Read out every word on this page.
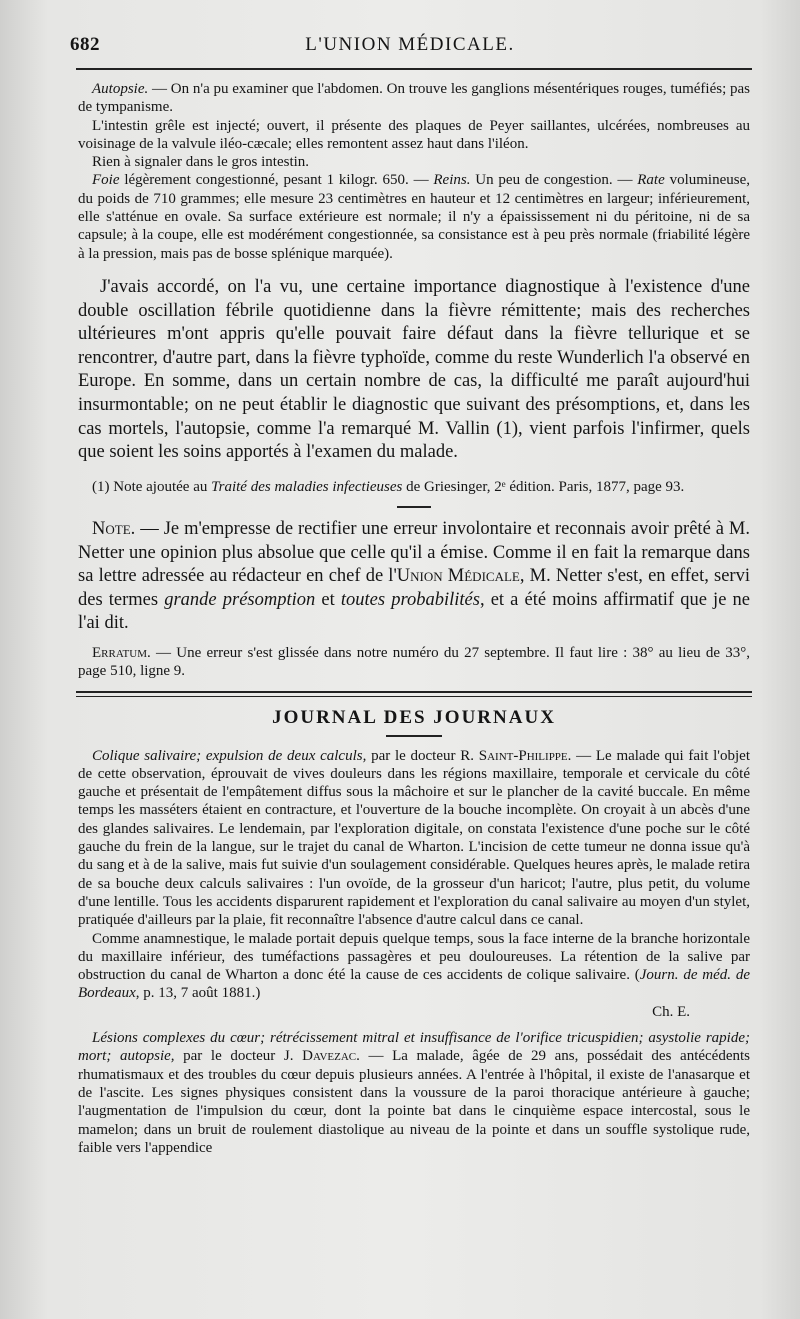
682	L'UNION MÉDICALE.

Autopsie. — On n'a pu examiner que l'abdomen. On trouve les ganglions mésentériques rouges, tuméfiés; pas de tympanisme.

L'intestin grêle est injecté; ouvert, il présente des plaques de Peyer saillantes, ulcérées, nombreuses au voisinage de la valvule iléo-cæcale; elles remontent assez haut dans l'iléon.

Rien à signaler dans le gros intestin.

Foie légèrement congestionné, pesant 1 kilogr. 650. — Reins. Un peu de congestion. — Rate volumineuse, du poids de 710 grammes; elle mesure 23 centimètres en hauteur et 12 centimètres en largeur; inférieurement, elle s'atténue en ovale. Sa surface extérieure est normale; il n'y a épaississement ni du péritoine, ni de sa capsule; à la coupe, elle est modérément congestionnée, sa consistance est à peu près normale (friabilité légère à la pression, mais pas de bosse splénique marquée).

J'avais accordé, on l'a vu, une certaine importance diagnostique à l'existence d'une double oscillation fébrile quotidienne dans la fièvre rémittente; mais des recherches ultérieures m'ont appris qu'elle pouvait faire défaut dans la fièvre tellurique et se rencontrer, d'autre part, dans la fièvre typhoïde, comme du reste Wunderlich l'a observé en Europe. En somme, dans un certain nombre de cas, la difficulté me paraît aujourd'hui insurmontable; on ne peut établir le diagnostic que suivant des présomptions, et, dans les cas mortels, l'autopsie, comme l'a remarqué M. Vallin (1), vient parfois l'infirmer, quels que soient les soins apportés à l'examen du malade.

(1) Note ajoutée au Traité des maladies infectieuses de Griesinger, 2ᵉ édition. Paris, 1877, page 93.

Note. — Je m'empresse de rectifier une erreur involontaire et reconnais avoir prêté à M. Netter une opinion plus absolue que celle qu'il a émise. Comme il en fait la remarque dans sa lettre adressée au rédacteur en chef de l'Union Médicale, M. Netter s'est, en effet, servi des termes grande présomption et toutes probabilités, et a été moins affirmatif que je ne l'ai dit.

Erratum. — Une erreur s'est glissée dans notre numéro du 27 septembre. Il faut lire : 38° au lieu de 33°, page 510, ligne 9.

JOURNAL DES JOURNAUX

Colique salivaire; expulsion de deux calculs, par le docteur R. Saint-Philippe. — Le malade qui fait l'objet de cette observation, éprouvait de vives douleurs dans les régions maxillaire, temporale et cervicale du côté gauche et présentait de l'empâtement diffus sous la mâchoire et sur le plancher de la cavité buccale. En même temps les masséters étaient en contracture, et l'ouverture de la bouche incomplète. On croyait à un abcès d'une des glandes salivaires. Le lendemain, par l'exploration digitale, on constata l'existence d'une poche sur le côté gauche du frein de la langue, sur le trajet du canal de Wharton. L'incision de cette tumeur ne donna issue qu'à du sang et à de la salive, mais fut suivie d'un soulagement considérable. Quelques heures après, le malade retira de sa bouche deux calculs salivaires : l'un ovoïde, de la grosseur d'un haricot; l'autre, plus petit, du volume d'une lentille. Tous les accidents disparurent rapidement et l'exploration du canal salivaire au moyen d'un stylet, pratiquée d'ailleurs par la plaie, fit reconnaître l'absence d'autre calcul dans ce canal.

Comme anamnestique, le malade portait depuis quelque temps, sous la face interne de la branche horizontale du maxillaire inférieur, des tuméfactions passagères et peu douloureuses. La rétention de la salive par obstruction du canal de Wharton a donc été la cause de ces accidents de colique salivaire. (Journ. de méd. de Bordeaux, p. 13, 7 août 1881.)

Ch. E.

Lésions complexes du cœur; rétrécissement mitral et insuffisance de l'orifice tricuspidien; asystolie rapide; mort; autopsie, par le docteur J. Davezac. — La malade, âgée de 29 ans, possédait des antécédents rhumatismaux et des troubles du cœur depuis plusieurs années. A l'entrée à l'hôpital, il existe de l'anasarque et de l'ascite. Les signes physiques consistent dans la voussure de la paroi thoracique antérieure à gauche; l'augmentation de l'impulsion du cœur, dont la pointe bat dans le cinquième espace intercostal, sous le mamelon; dans un bruit de roulement diastolique au niveau de la pointe et dans un souffle systolique rude, faible vers l'appendice
